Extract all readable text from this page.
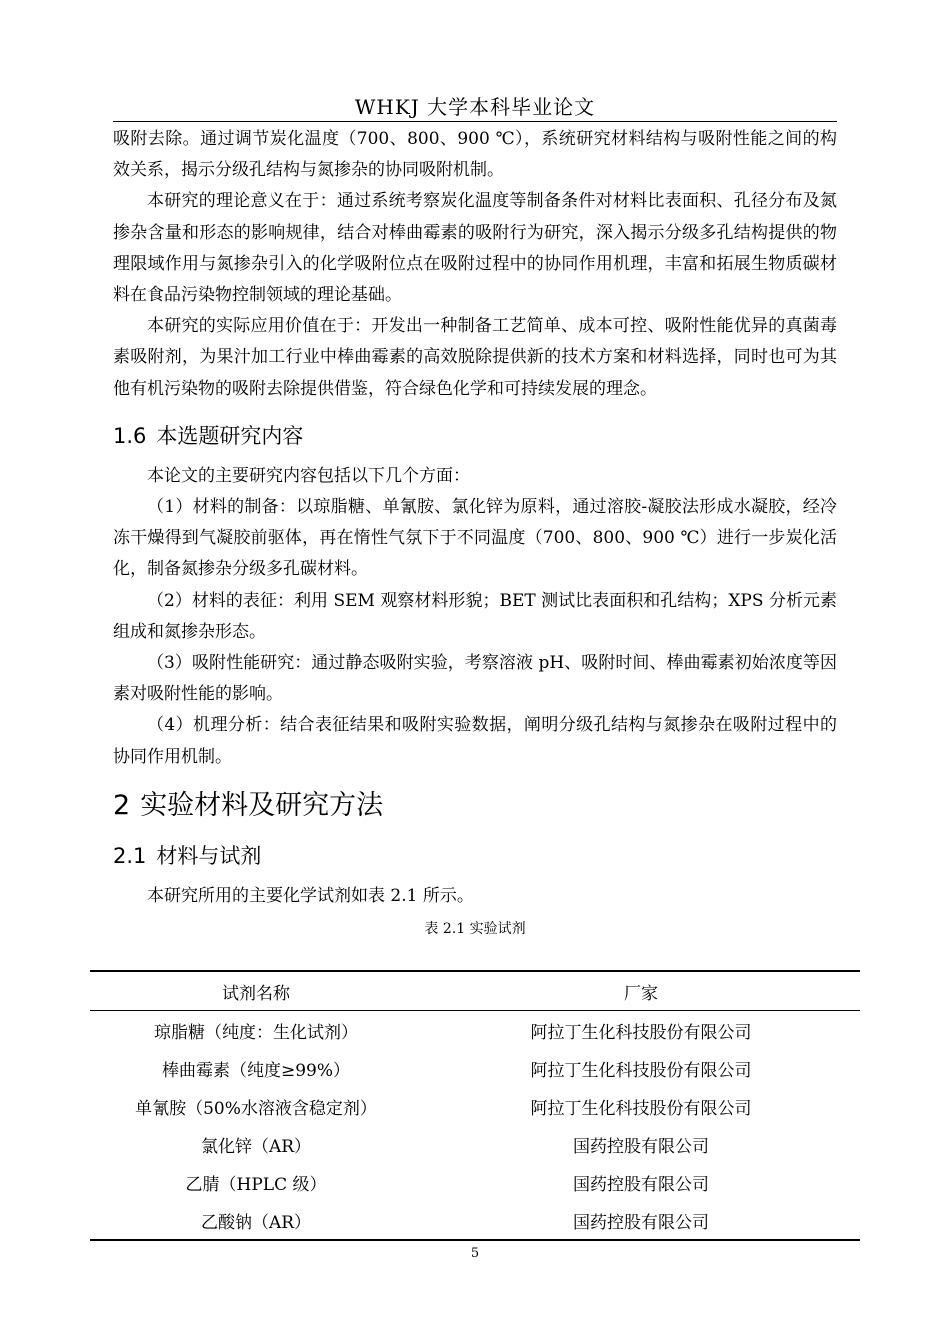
WHKJ 大学本科毕业论文

吸附去除。通过调节炭化温度（700、800、900 ℃），系统研究材料结构与吸附性能之间的构效关系，揭示分级孔结构与氮掺杂的协同吸附机制。

本研究的理论意义在于：通过系统考察炭化温度等制备条件对材料比表面积、孔径分布及氮掺杂含量和形态的影响规律，结合对棒曲霉素的吸附行为研究，深入揭示分级多孔结构提供的物理限域作用与氮掺杂引入的化学吸附位点在吸附过程中的协同作用机理，丰富和拓展生物质碳材料在食品污染物控制领域的理论基础。

本研究的实际应用价值在于：开发出一种制备工艺简单、成本可控、吸附性能优异的真菌毒素吸附剂，为果汁加工行业中棒曲霉素的高效脱除提供新的技术方案和材料选择，同时也可为其他有机污染物的吸附去除提供借鉴，符合绿色化学和可持续发展的理念。

1.6 本选题研究内容

本论文的主要研究内容包括以下几个方面：

（1）材料的制备：以琼脂糖、单氰胺、氯化锌为原料，通过溶胶-凝胶法形成水凝胶，经冷冻干燥得到气凝胶前驱体，再在惰性气氛下于不同温度（700、800、900 ℃）进行一步炭化活化，制备氮掺杂分级多孔碳材料。

（2）材料的表征：利用 SEM 观察材料形貌；BET 测试比表面积和孔结构；XPS 分析元素组成和氮掺杂形态。

（3）吸附性能研究：通过静态吸附实验，考察溶液 pH、吸附时间、棒曲霉素初始浓度等因素对吸附性能的影响。

（4）机理分析：结合表征结果和吸附实验数据，阐明分级孔结构与氮掺杂在吸附过程中的协同作用机制。

2 实验材料及研究方法
2.1 材料与试剂

本研究所用的主要化学试剂如表 2.1 所示。

表 2.1 实验试剂
试剂名称	厂家
琼脂糖（纯度：生化试剂）	阿拉丁生化科技股份有限公司
棒曲霉素（纯度≥99%）	阿拉丁生化科技股份有限公司
单氰胺（50%水溶液含稳定剂）	阿拉丁生化科技股份有限公司
氯化锌（AR）	国药控股有限公司
乙腈（HPLC 级）	国药控股有限公司
乙酸钠（AR）	国药控股有限公司
5
